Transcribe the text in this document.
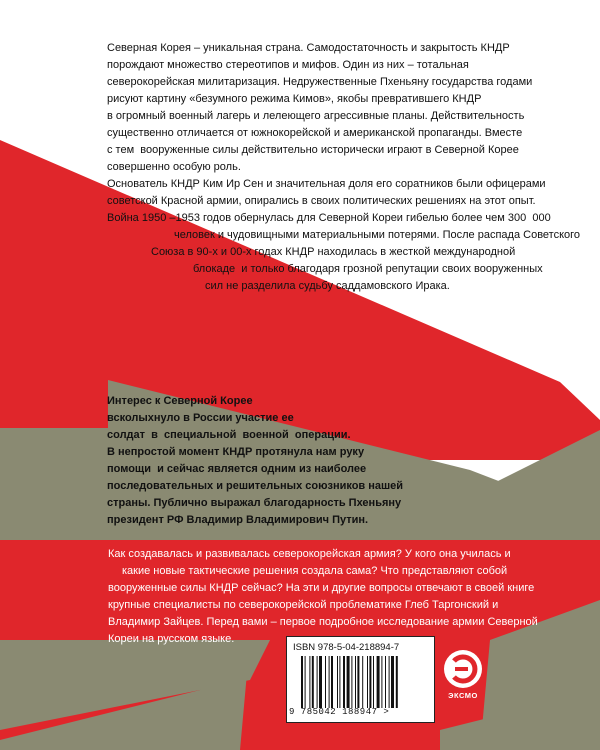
Северная Корея – уникальная страна. Самодостаточность и закрытость КНДР
порождают множество стереотипов и мифов. Один из них – тотальная
северокорейская милитаризация. Недружественные Пхеньяну государства годами
рисуют картину «безумного режима Кимов», якобы превратившего КНДР
в огромный военный лагерь и лелеющего агрессивные планы. Действительность
существенно отличается от южнокорейской и американской пропаганды. Вместе
с тем  вооруженные силы действительно исторически играют в Северной Корее
совершенно особую роль.
Основатель КНДР Ким Ир Сен и значительная доля его соратников были офицерами
советской Красной армии, опирались в своих политических решениях на этот опыт.
Война 1950 –1953 годов обернулась для Северной Кореи гибелью более чем 300  000
человек и чудовищными материальными потерями. После распада Советского
Союза в 90-х и 00-х годах КНДР находилась в жесткой международной
блокаде  и только благодаря грозной репутации своих вооруженных
сил не разделила судьбу саддамовского Ирака.
Интерес к Северной Корее
всколыхнуло в России участие ее
солдат  в  специальной  военной  операции.
В непростой момент КНДР протянула нам руку
помощи  и сейчас является одним из наиболее
последовательных и решительных союзников нашей
страны. Публично выражал благодарность Пхеньяну
президент РФ Владимир Владимирович Путин.
Как создавалась и развивалась северокорейская армия? У кого она училась и
какие новые тактические решения создала сама? Что представляют собой
вооруженные силы КНДР сейчас? На эти и другие вопросы отвечают в своей книге
крупные специалисты по северокорейской проблематике Глеб Таргонский и
Владимир Зайцев. Перед вами – первое подробное исследование армии Северной
Кореи на русском языке.
ISBN 978-5-04-218894-7
9 785042 188947 >
ЭКСМО
